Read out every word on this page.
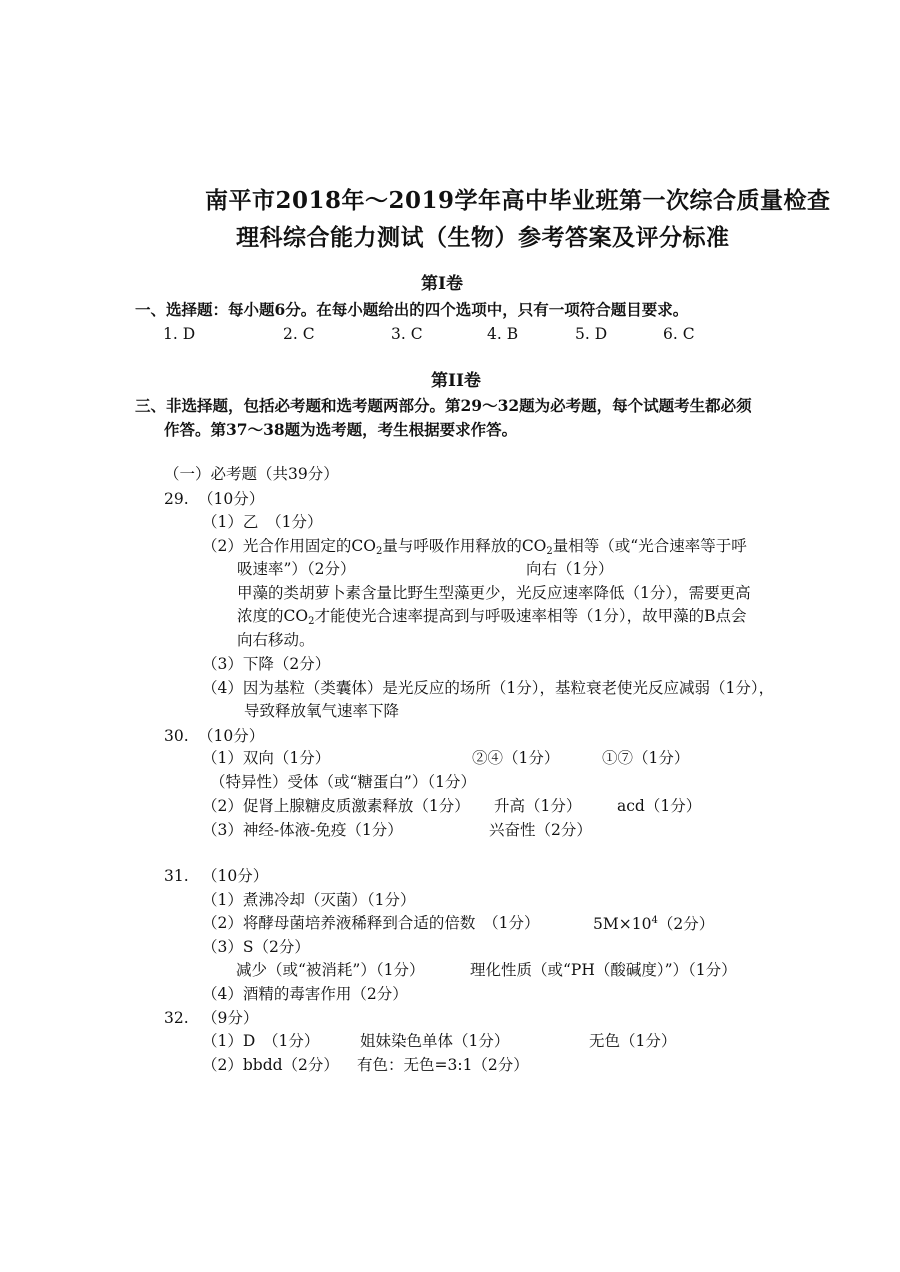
南平市2018年～2019学年高中毕业班第一次综合质量检查
理科综合能力测试（生物）参考答案及评分标准
第Ⅰ卷
一、选择题：每小题6分。在每小题给出的四个选项中，只有一项符合题目要求。
1. D	2. C	3. C	4. B	5. D	6. C
第II卷
三、非选择题，包括必考题和选考题两部分。第29～32题为必考题，每个试题考生都必须
作答。第37～38题为选考题，考生根据要求作答。
（一）必考题（共39分）
29. （10分）
（1）乙　（1分）
（2）光合作用固定的$CO_2$量与呼吸作用释放的$CO_2$量相等（或“光合速率等于呼
吸速率”）（2分）	向右（1分）
甲藻的类胡萝卜素含量比野生型藻更少，光反应速率降低（1分），需要更高
浓度的$CO_2$才能使光合速率提高到与呼吸速率相等（1分），故甲藻的B点会
向右移动。
（3）下降（2分）
（4）因为基粒（类囊体）是光反应的场所（1分），基粒衰老使光反应减弱（1分），
导致释放氧气速率下降
30. （10分）
（1）双向（1分）	②④（1分）	①⑦（1分）
（特异性）受体（或“糖蛋白”）（1分）
（2）促肾上腺糖皮质激素释放（1分） 升高（1分） acd（1分）
（3）神经-体液-免疫（1分）	兴奋性（2分）
31. （10分）
（1）煮沸冷却（灭菌）（1分）
（2）将酵母菌培养液稀释到合适的倍数　（1分）	$5M\times 10^4(2$分）
（3）S（2分）
减少（或“被消耗”）（1分）	理化性质（或“PH（酸碱度）”）（1分）
（4）酒精的毒害作用（2分）
32. （9分）
（1）D　（1分）	姐妹染色单体（1分）	无色（1分）
（2）bbdd（2分） 有色：无色=3:1（2分）
